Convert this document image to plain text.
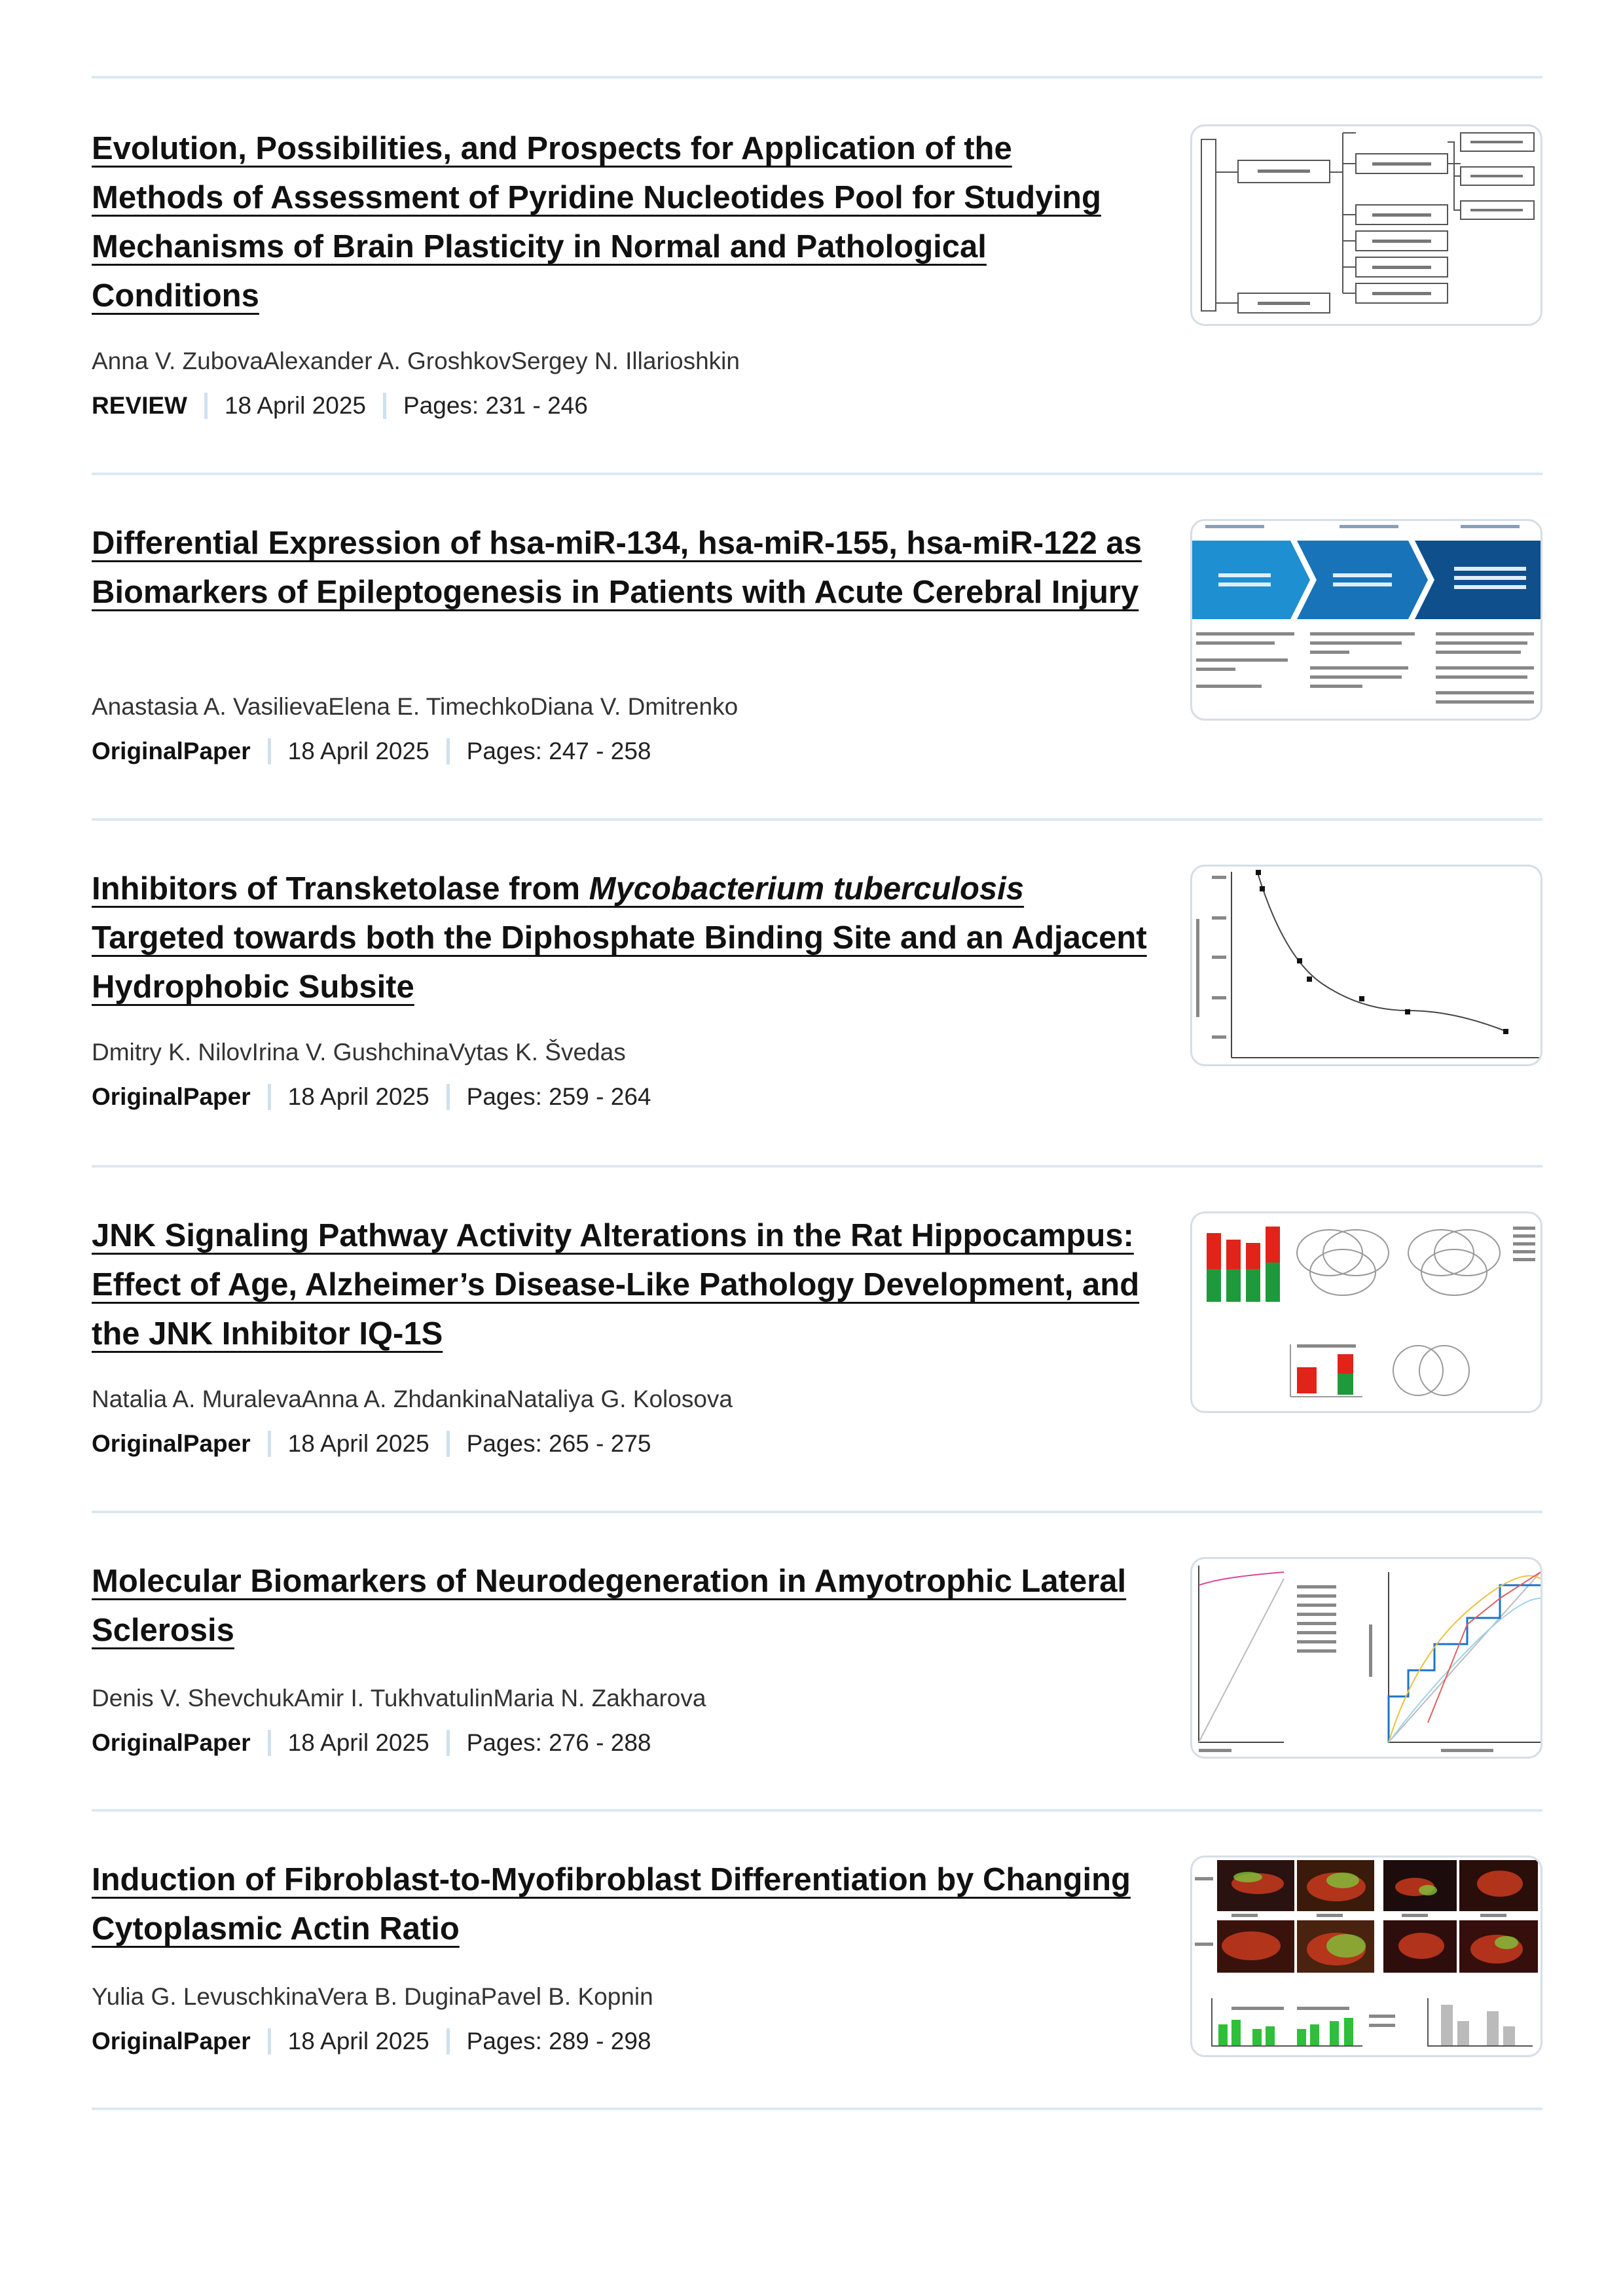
Evolution, Possibilities, and Prospects for Application of the Methods of Assessment of Pyridine Nucleotides Pool for Studying Mechanisms of Brain Plasticity in Normal and Pathological Conditions
Anna V. ZubovaAlexander A. GroshkovSergey N. Illarioshkin
REVIEW 18 April 2025 Pages: 231 - 246
Differential Expression of hsa-miR-134, hsa-miR-155, hsa-miR-122 as Biomarkers of Epileptogenesis in Patients with Acute Cerebral Injury
Anastasia A. VasilievaElena E. TimechkoDiana V. Dmitrenko
OriginalPaper 18 April 2025 Pages: 247 - 258
Inhibitors of Transketolase from Mycobacterium tuberculosis Targeted towards both the Diphosphate Binding Site and an Adjacent Hydrophobic Subsite
Dmitry K. NilovIrina V. GushchinaVytas K. Švedas
OriginalPaper 18 April 2025 Pages: 259 - 264
JNK Signaling Pathway Activity Alterations in the Rat Hippocampus: Effect of Age, Alzheimer’s Disease-Like Pathology Development, and the JNK Inhibitor IQ-1S
Natalia A. MuralevaAnna A. ZhdankinaNataliya G. Kolosova
OriginalPaper 18 April 2025 Pages: 265 - 275
Molecular Biomarkers of Neurodegeneration in Amyotrophic Lateral Sclerosis
Denis V. ShevchukAmir I. TukhvatulinMaria N. Zakharova
OriginalPaper 18 April 2025 Pages: 276 - 288
Induction of Fibroblast-to-Myofibroblast Differentiation by Changing Cytoplasmic Actin Ratio
Yulia G. LevuschkinaVera B. DuginaPavel B. Kopnin
OriginalPaper 18 April 2025 Pages: 289 - 298
